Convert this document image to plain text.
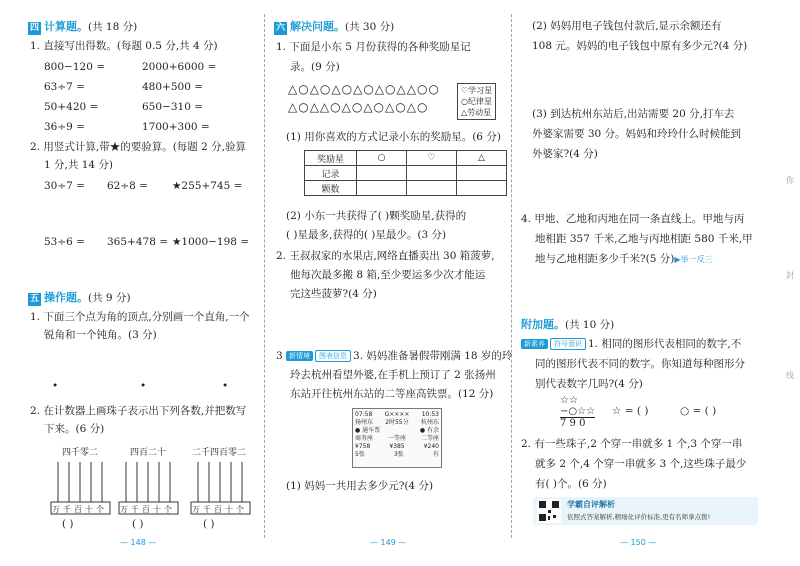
四 计算题。(共 18 分)
1. 直接写出得数。(每题 0.5 分,共 4 分)
800−120 =	2000+6000 =
63÷7 =	480+500 =
50+420 =	650−310 =
36÷9 =	1700+300 =
2. 用竖式计算,带★的要验算。(每题 2 分,验算
1 分,共 14 分)
30÷7 = 62÷8 = ★255+745 =
53÷6 = 365+478 = ★1000−198 =
五 操作题。(共 9 分)
1. 下面三个点为角的顶点,分别画一个直角,一个
锐角和一个钝角。(3 分)
•	•	•
2. 在计数器上画珠子表示出下列各数,并把数写
下来。(6 分)
四千零二	四百二十	二千四百零二
万千百十个 万千百十个 万千百十个
( )	( )	( )
— 148 —
六 解决问题。(共 30 分)
1. 下面是小东 5 月份获得的各种奖励星记
录。(9 分)
△○△○△○△○△○△△○○
△○△△○△○△○△○△○
♡学习星
○纪律星
△劳动星
(1) 用你喜欢的方式记录小东的奖励星。(6 分)
奖励星	○	♡	△
记录			
颗数			
(2) 小东一共获得了( )颗奖励星,获得的
( )星最多,获得的( )星最少。(3 分)
2. 王叔叔家的水果店,网络直播卖出 30 箱菠萝,
他每次最多搬 8 箱,至少要运多少次才能运
完这些菠萝?(4 分)
3 新情境 图表信息 3. 妈妈准备暑假带刚满 18 岁的玲
玲去杭州看望外婆,在手机上预订了 2 张扬州
东站开往杭州东站的二等座高铁票。(12 分)
07:58 G×××× 10:53
扬州东 2时55分 杭州东
● 通车票	● 有余
商务座 一等座 二等座
¥758	¥385	¥240
5张	3张	有
(1) 妈妈一共用去多少元?(4 分)
— 149 —
(2) 妈妈用电子钱包付款后,显示余额还有
108 元。妈妈的电子钱包中原有多少元?(4 分)
(3) 到达杭州东站后,出站需要 20 分,打车去
外婆家需要 30 分。妈妈和玲玲什么时候能到
外婆家?(4 分)
4. 甲地、乙地和丙地在同一条直线上。甲地与丙
地相距 357 千米,乙地与丙地相距 580 千米,甲
地与乙地相距多少千米?(5 分)▶举一反三
附加题。(共 10 分)
新素养 符号意识 1. 相同的图形代表相同的数字,不
同的图形代表不同的数字。你知道每种图形分
别代表数字几吗?(4 分)
☆☆
−○☆☆
7 9 0
☆ = ( )	○ = ( )
2. 有一些珠子,2 个穿一串就多 1 个,3 个穿一串
就多 2 个,4 个穿一串就多 3 个,这些珠子最少
有( )个。(6 分)
学霸自评解析
依照式答案解析,精细化评价标准,更有名师拿点拨!
你
封
线
— 150 —
